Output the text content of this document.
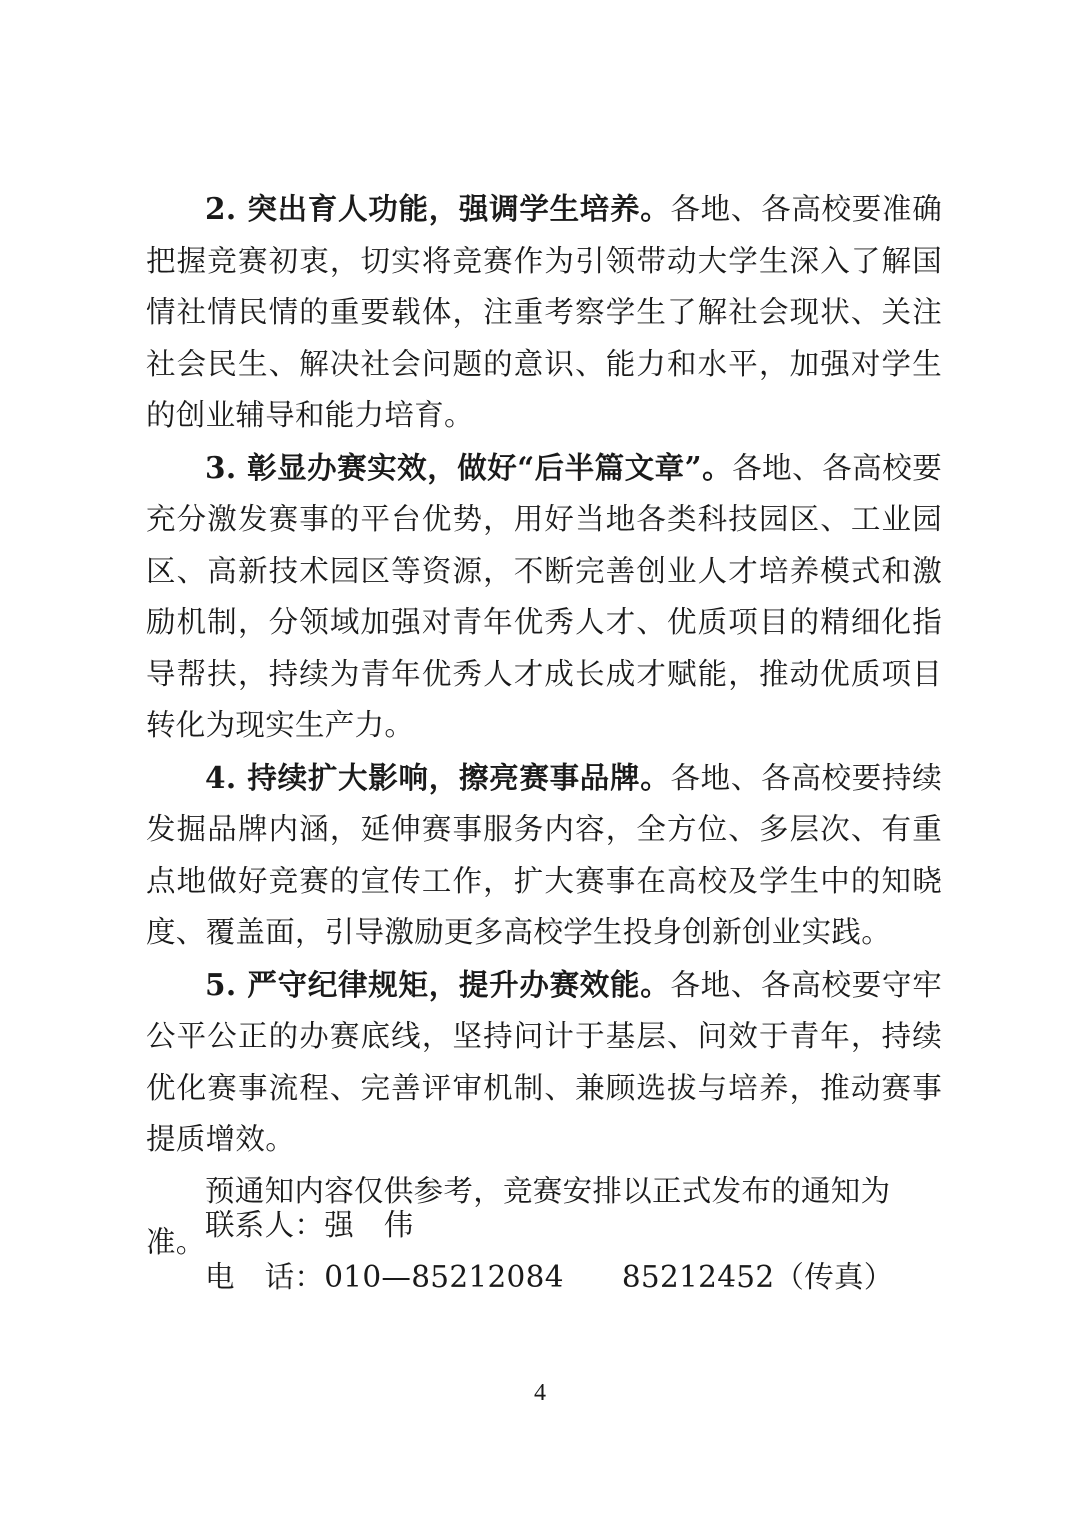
2. 突出育人功能，强调学生培养。各地、各高校要准确把握竞赛初衷，切实将竞赛作为引领带动大学生深入了解国情社情民情的重要载体，注重考察学生了解社会现状、关注社会民生、解决社会问题的意识、能力和水平，加强对学生的创业辅导和能力培育。

3. 彰显办赛实效，做好“后半篇文章”。各地、各高校要充分激发赛事的平台优势，用好当地各类科技园区、工业园区、高新技术园区等资源，不断完善创业人才培养模式和激励机制，分领域加强对青年优秀人才、优质项目的精细化指导帮扶，持续为青年优秀人才成长成才赋能，推动优质项目转化为现实生产力。

4. 持续扩大影响，擦亮赛事品牌。各地、各高校要持续发掘品牌内涵，延伸赛事服务内容，全方位、多层次、有重点地做好竞赛的宣传工作，扩大赛事在高校及学生中的知晓度、覆盖面，引导激励更多高校学生投身创新创业实践。

5. 严守纪律规矩，提升办赛效能。各地、各高校要守牢公平公正的办赛底线，坚持问计于基层、问效于青年，持续优化赛事流程、完善评审机制、兼顾选拔与培养，推动赛事提质增效。

预通知内容仅供参考，竞赛安排以正式发布的通知为准。 联系人：强　伟
电　话：010—85212084 85212452（传真）
4
